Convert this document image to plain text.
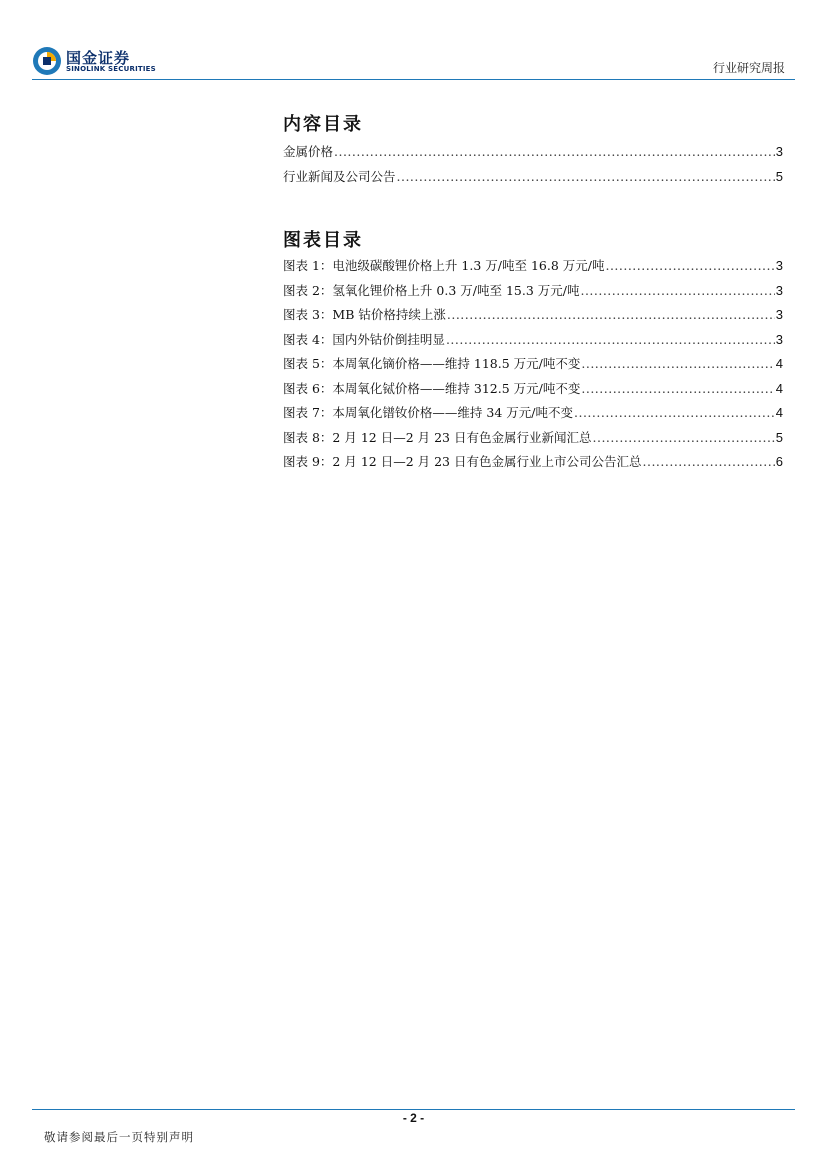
国金证券
SINOLINK SECURITIES	行业研究周报
内容目录
金属价格 .....	3
行业新闻及公司公告 .....	5
图表目录
图表 1：电池级碳酸锂价格上升 1.3 万/吨至 16.8 万元/吨 .....	3
图表 2：氢氧化锂价格上升 0.3 万/吨至 15.3 万元/吨 .....	3
图表 3：MB 钴价格持续上涨 .....	3
图表 4：国内外钴价倒挂明显 .....	3
图表 5：本周氧化镝价格——维持 118.5 万元/吨不变 .....	4
图表 6：本周氧化铽价格——维持 312.5 万元/吨不变 .....	4
图表 7：本周氧化镨钕价格——维持 34 万元/吨不变 .....	4
图表 8：2 月 12 日—2 月 23 日有色金属行业新闻汇总 .....	5
图表 9：2 月 12 日—2 月 23 日有色金属行业上市公司公告汇总 .....	6
- 2 -
敬请参阅最后一页特别声明
